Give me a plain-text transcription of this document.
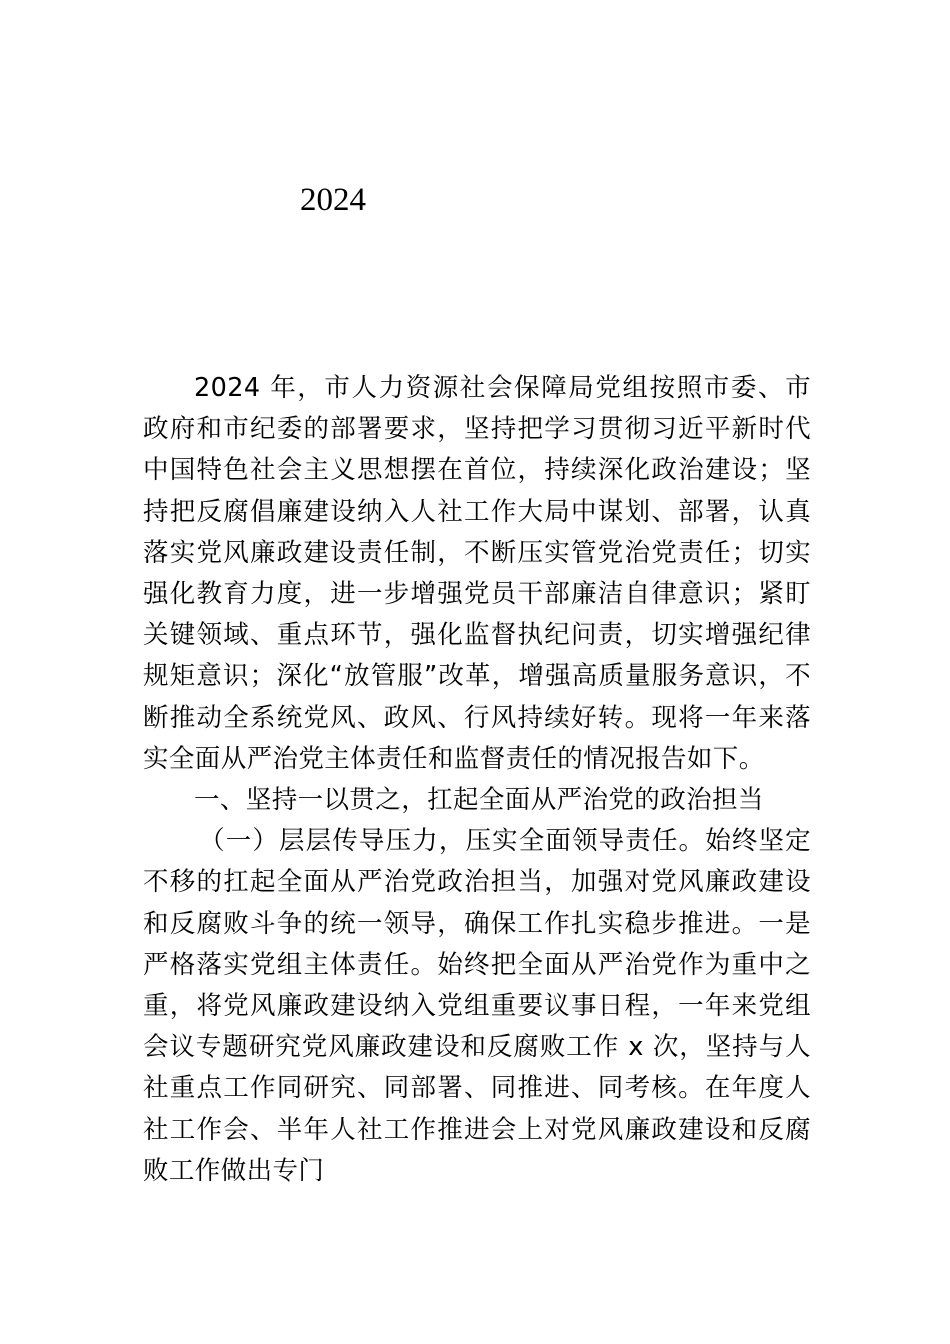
2024

2024 年，市人力资源社会保障局党组按照市委、市政府和市纪委的部署要求，坚持把学习贯彻习近平新时代中国特色社会主义思想摆在首位，持续深化政治建设；坚持把反腐倡廉建设纳入人社工作大局中谋划、部署，认真落实党风廉政建设责任制，不断压实管党治党责任；切实强化教育力度，进一步增强党员干部廉洁自律意识；紧盯关键领域、重点环节，强化监督执纪问责，切实增强纪律规矩意识；深化“放管服”改革，增强高质量服务意识，不断推动全系统党风、政风、行风持续好转。现将一年来落实全面从严治党主体责任和监督责任的情况报告如下。

一、坚持一以贯之，扛起全面从严治党的政治担当

（一）层层传导压力，压实全面领导责任。始终坚定不移的扛起全面从严治党政治担当，加强对党风廉政建设和反腐败斗争的统一领导，确保工作扎实稳步推进。一是严格落实党组主体责任。始终把全面从严治党作为重中之重，将党风廉政建设纳入党组重要议事日程，一年来党组会议专题研究党风廉政建设和反腐败工作 x 次，坚持与人社重点工作同研究、同部署、同推进、同考核。在年度人社工作会、半年人社工作推进会上对党风廉政建设和反腐败工作做出专门
